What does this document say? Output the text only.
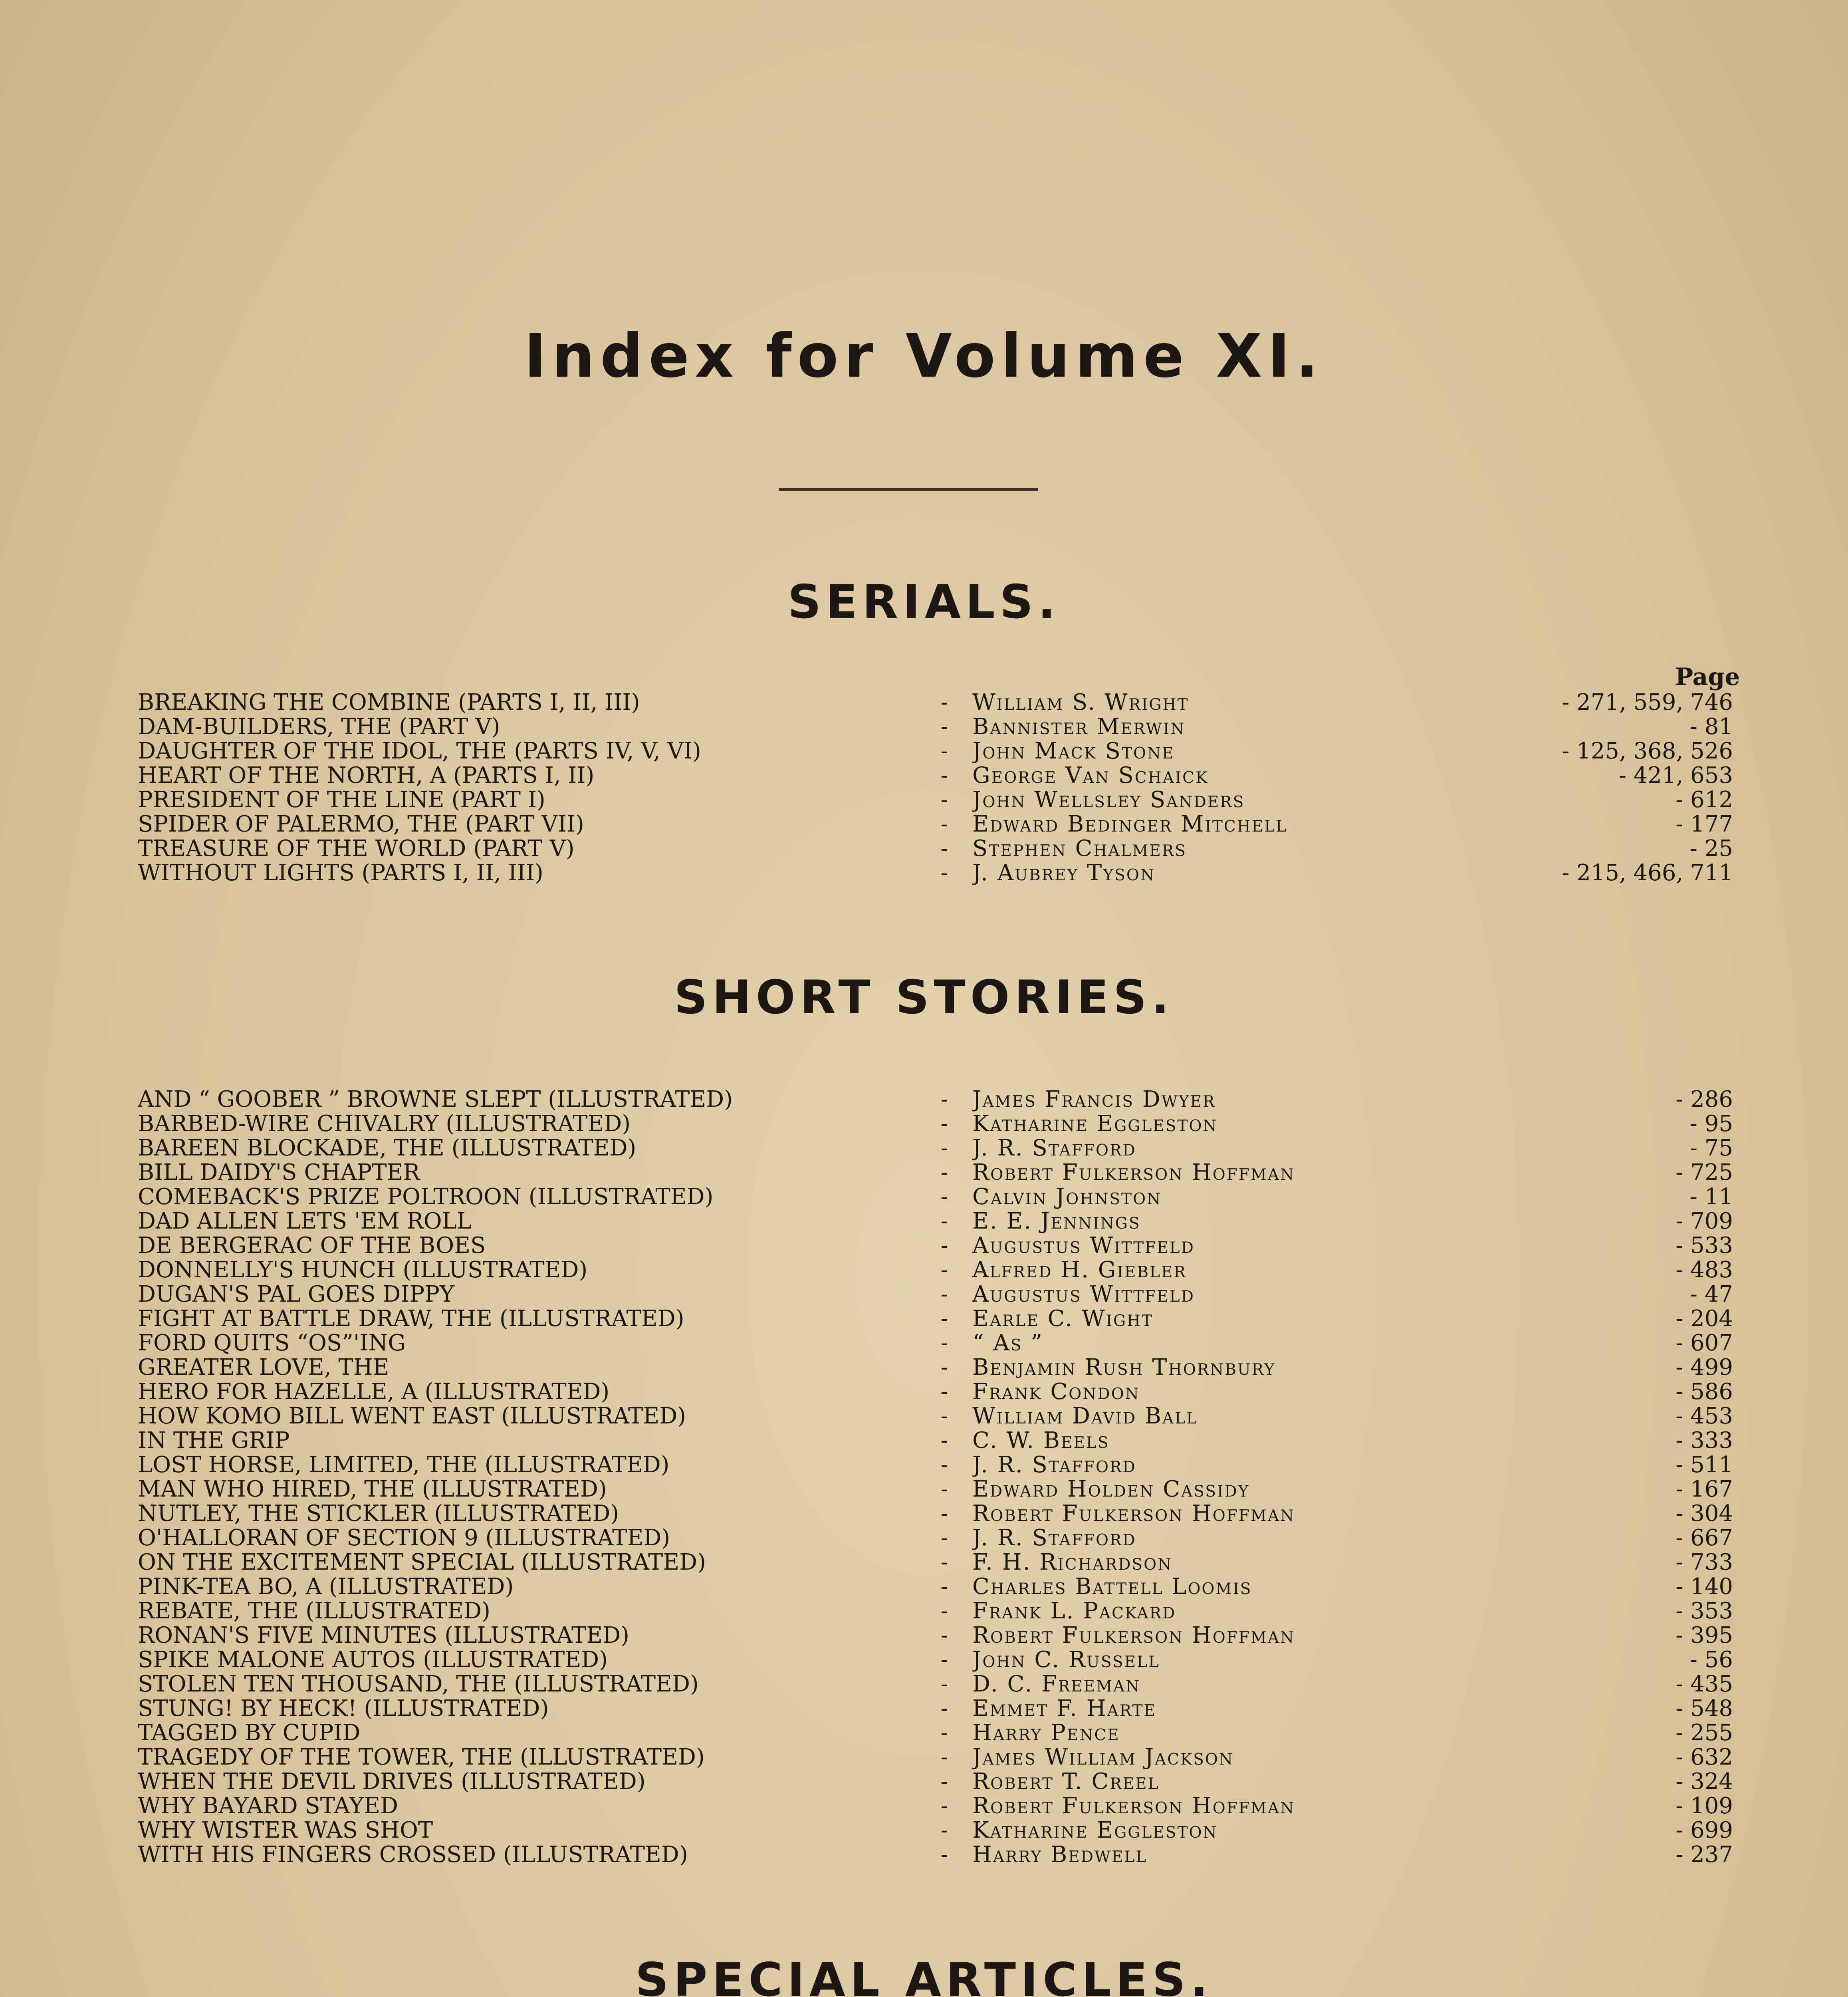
Index for Volume XI.
SERIALS.
Page
BREAKING THE COMBINE (PARTS I, II, III)	-	William S. Wright	- 271, 559, 746
DAM-BUILDERS, THE (PART V)	-	Bannister Merwin	- 81
DAUGHTER OF THE IDOL, THE (PARTS IV, V, VI)	-	John Mack Stone	- 125, 368, 526
HEART OF THE NORTH, A (PARTS I, II)	-	George Van Schaick	- 421, 653
PRESIDENT OF THE LINE (PART I)	-	John Wellsley Sanders	- 612
SPIDER OF PALERMO, THE (PART VII)	-	Edward Bedinger Mitchell	- 177
TREASURE OF THE WORLD (PART V)	-	Stephen Chalmers	- 25
WITHOUT LIGHTS (PARTS I, II, III)	-	J. Aubrey Tyson	- 215, 466, 711
SHORT STORIES.
AND “ GOOBER ” BROWNE SLEPT (ILLUSTRATED)	-	James Francis Dwyer	- 286
BARBED-WIRE CHIVALRY (ILLUSTRATED)	-	Katharine Eggleston	- 95
BAREEN BLOCKADE, THE (ILLUSTRATED)	-	J. R. Stafford	- 75
BILL DAIDY'S CHAPTER	-	Robert Fulkerson Hoffman	- 725
COMEBACK'S PRIZE POLTROON (ILLUSTRATED)	-	Calvin Johnston	- 11
DAD ALLEN LETS 'EM ROLL	-	E. E. Jennings	- 709
DE BERGERAC OF THE BOES	-	Augustus Wittfeld	- 533
DONNELLY'S HUNCH (ILLUSTRATED)	-	Alfred H. Giebler	- 483
DUGAN'S PAL GOES DIPPY	-	Augustus Wittfeld	- 47
FIGHT AT BATTLE DRAW, THE (ILLUSTRATED)	-	Earle C. Wight	- 204
FORD QUITS “OS”'ING	-	“ As ”	- 607
GREATER LOVE, THE	-	Benjamin Rush Thornbury	- 499
HERO FOR HAZELLE, A (ILLUSTRATED)	-	Frank Condon	- 586
HOW KOMO BILL WENT EAST (ILLUSTRATED)	-	William David Ball	- 453
IN THE GRIP	-	C. W. Beels	- 333
LOST HORSE, LIMITED, THE (ILLUSTRATED)	-	J. R. Stafford	- 511
MAN WHO HIRED, THE (ILLUSTRATED)	-	Edward Holden Cassidy	- 167
NUTLEY, THE STICKLER (ILLUSTRATED)	-	Robert Fulkerson Hoffman	- 304
O'HALLORAN OF SECTION 9 (ILLUSTRATED)	-	J. R. Stafford	- 667
ON THE EXCITEMENT SPECIAL (ILLUSTRATED)	-	F. H. Richardson	- 733
PINK-TEA BO, A (ILLUSTRATED)	-	Charles Battell Loomis	- 140
REBATE, THE (ILLUSTRATED)	-	Frank L. Packard	- 353
RONAN'S FIVE MINUTES (ILLUSTRATED)	-	Robert Fulkerson Hoffman	- 395
SPIKE MALONE AUTOS (ILLUSTRATED)	-	John C. Russell	- 56
STOLEN TEN THOUSAND, THE (ILLUSTRATED)	-	D. C. Freeman	- 435
STUNG! BY HECK! (ILLUSTRATED)	-	Emmet F. Harte	- 548
TAGGED BY CUPID	-	Harry Pence	- 255
TRAGEDY OF THE TOWER, THE (ILLUSTRATED)	-	James William Jackson	- 632
WHEN THE DEVIL DRIVES (ILLUSTRATED)	-	Robert T. Creel	- 324
WHY BAYARD STAYED	-	Robert Fulkerson Hoffman	- 109
WHY WISTER WAS SHOT	-	Katharine Eggleston	- 699
WITH HIS FINGERS CROSSED (ILLUSTRATED)	-	Harry Bedwell	- 237
SPECIAL ARTICLES.
